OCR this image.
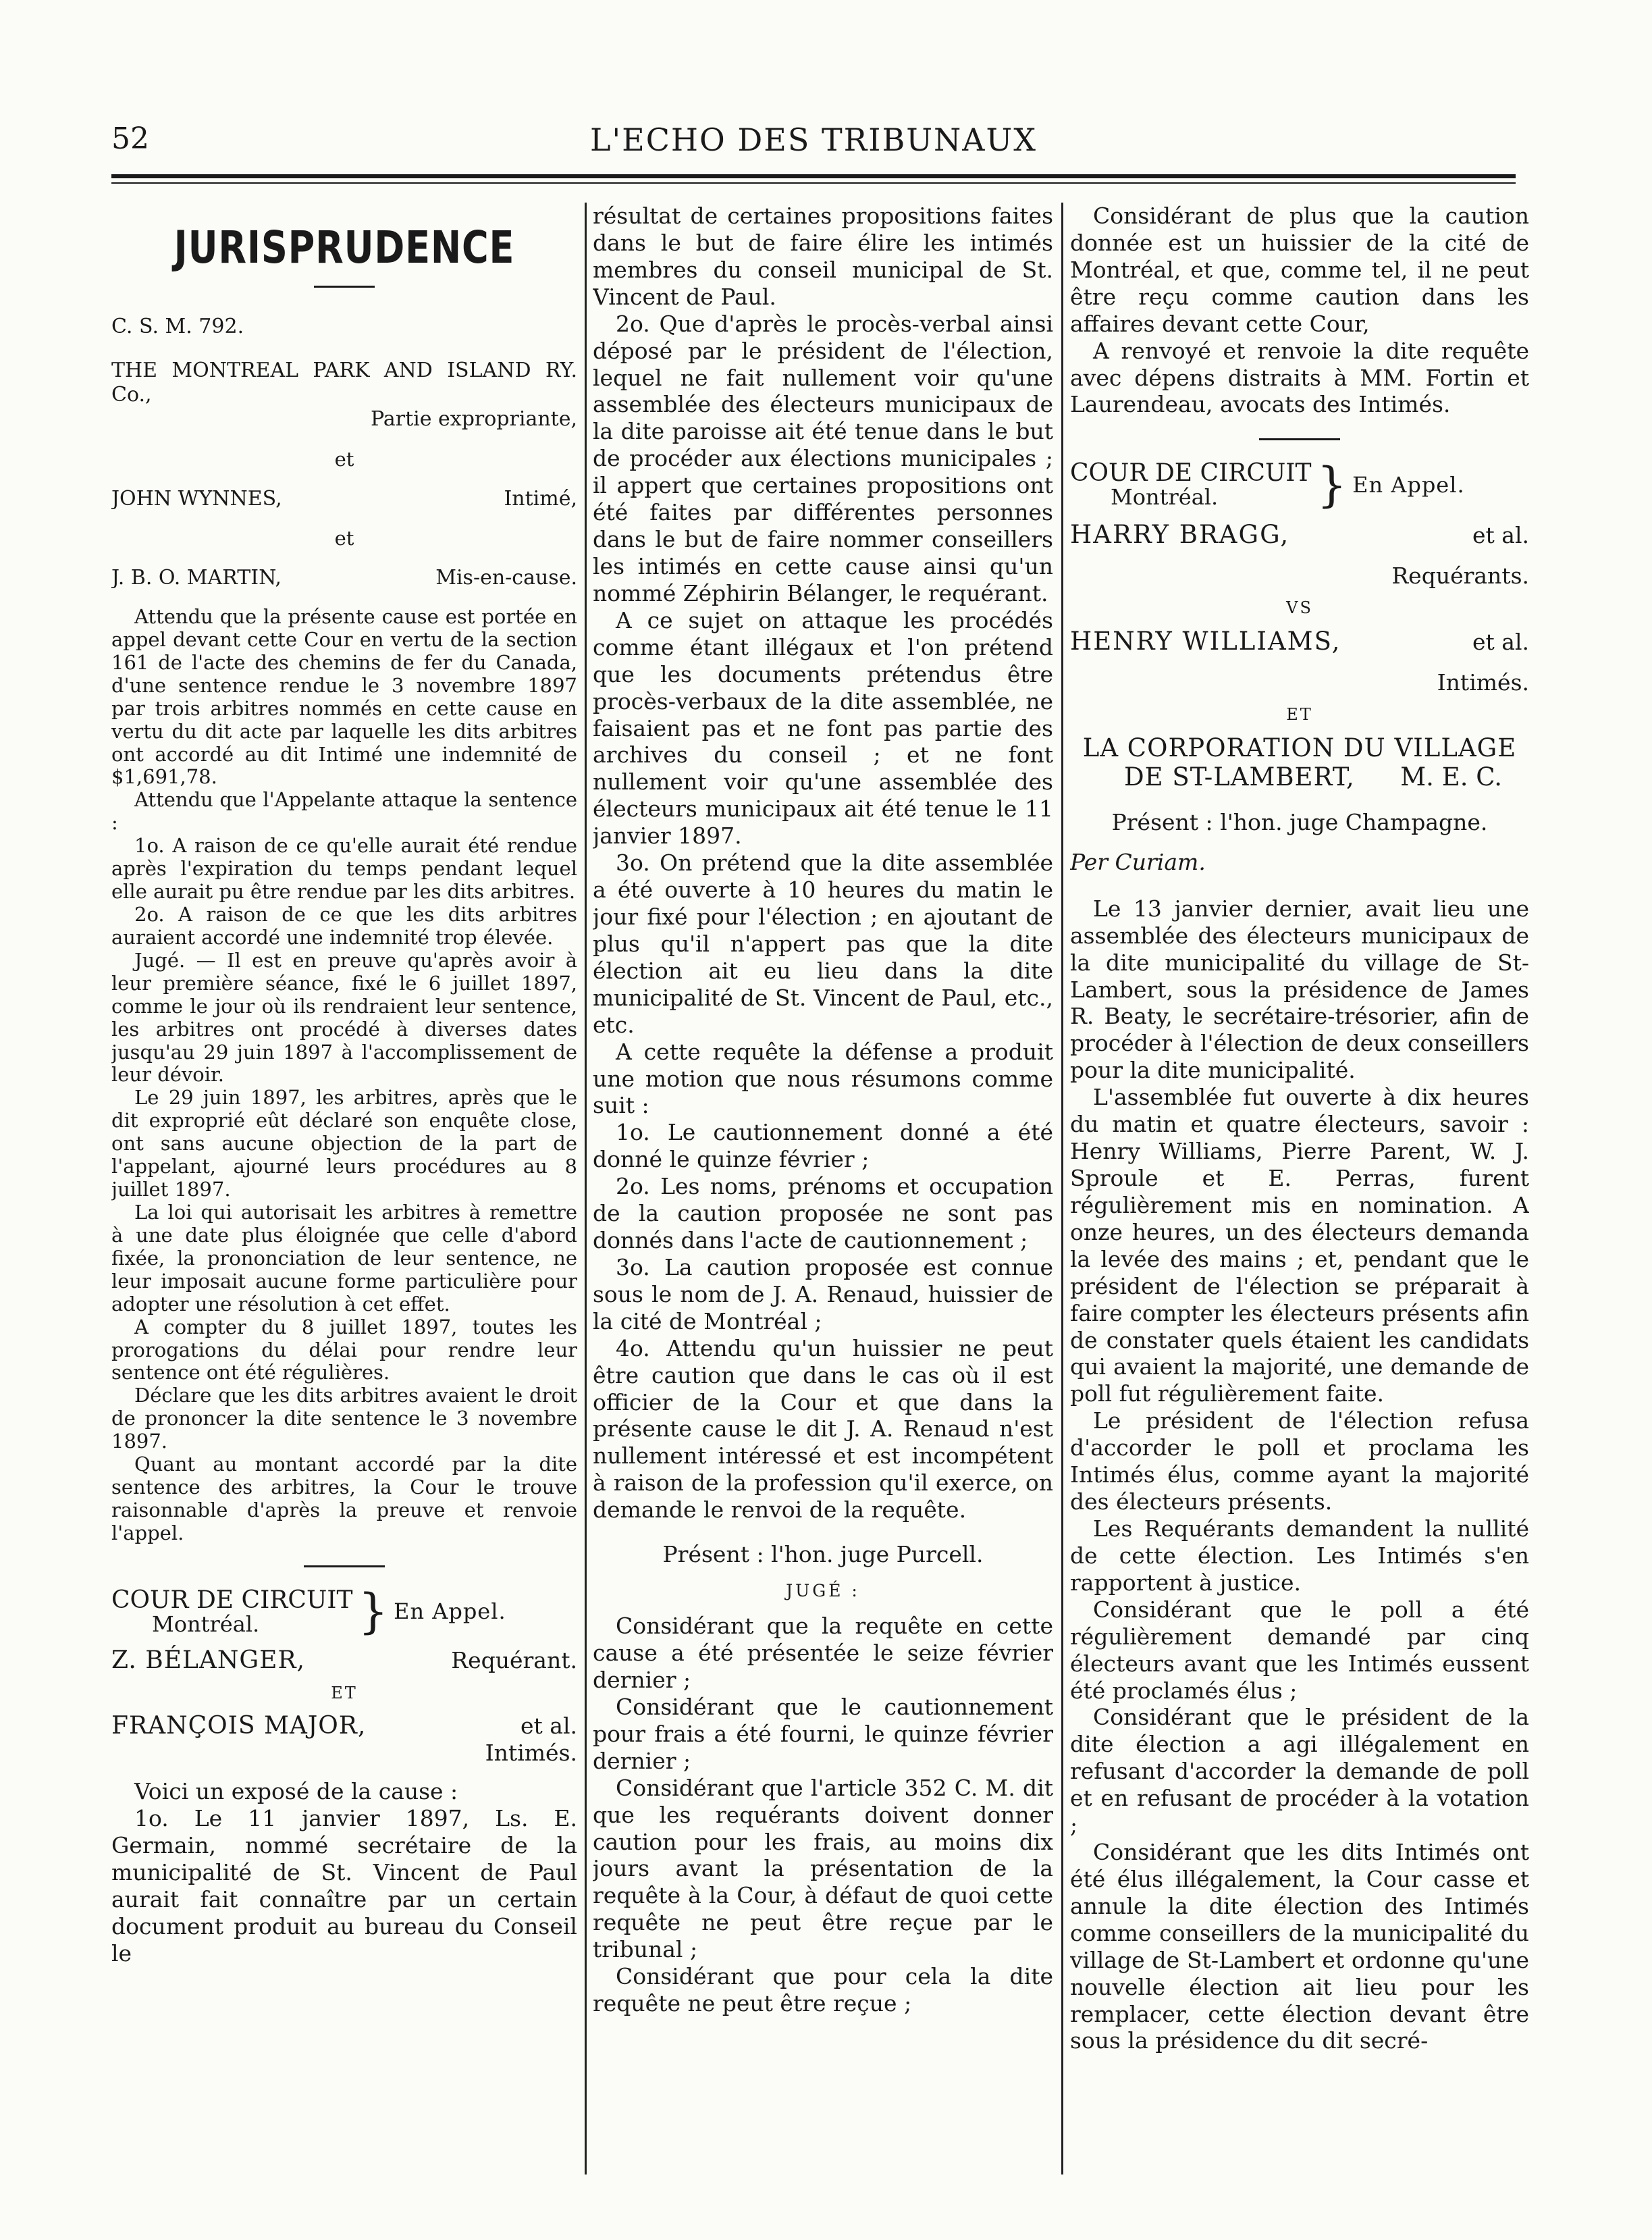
52	L'ECHO DES TRIBUNAUX
JURISPRUDENCE
C. S. M. 792.

THE MONTREAL PARK AND ISLAND RY. Co.,

Partie expropriante,

et
JOHN WYNNES,	Intimé,
et
J. B. O. MARTIN,	Mis-en-cause.

Attendu que la présente cause est portée en appel devant cette Cour en vertu de la section 161 de l'acte des chemins de fer du Canada, d'une sentence rendue le 3 novembre 1897 par trois arbitres nommés en cette cause en vertu du dit acte par laquelle les dits arbitres ont accordé au dit Intimé une indemnité de $1,691,78.

Attendu que l'Appelante attaque la sentence :

1o. A raison de ce qu'elle aurait été rendue après l'expiration du temps pendant lequel elle aurait pu être rendue par les dits arbitres.

2o. A raison de ce que les dits arbitres auraient accordé une indemnité trop élevée.

Jugé. — Il est en preuve qu'après avoir à leur première séance, fixé le 6 juillet 1897, comme le jour où ils rendraient leur sentence, les arbitres ont procédé à diverses dates jusqu'au 29 juin 1897 à l'accomplissement de leur dévoir.

Le 29 juin 1897, les arbitres, après que le dit exproprié eût déclaré son enquête close, ont sans aucune objection de la part de l'appelant, ajourné leurs procédures au 8 juillet 1897.

La loi qui autorisait les arbitres à remettre à une date plus éloignée que celle d'abord fixée, la prononciation de leur sentence, ne leur imposait aucune forme particulière pour adopter une résolution à cet effet.

A compter du 8 juillet 1897, toutes les prorogations du délai pour rendre leur sentence ont été régulières.

Déclare que les dits arbitres avaient le droit de prononcer la dite sentence le 3 novembre 1897.

Quant au montant accordé par la dite sentence des arbitres, la Cour le trouve raisonnable d'après la preuve et renvoie l'appel.

COUR DE CIRCUIT
Montréal.	} En Appel.
Z. BÉLANGER,	Requérant.
ET
FRANÇOIS MAJOR,	et al.
Intimés.

Voici un exposé de la cause :

1o. Le 11 janvier 1897, Ls. E. Germain, nommé secrétaire de la municipalité de St. Vincent de Paul aurait fait connaître par un certain document produit au bureau du Conseil le

résultat de certaines propositions faites dans le but de faire élire les intimés membres du conseil municipal de St. Vincent de Paul.

2o. Que d'après le procès-verbal ainsi déposé par le président de l'élection, lequel ne fait nullement voir qu'une assemblée des électeurs municipaux de la dite paroisse ait été tenue dans le but de procéder aux élections municipales ; il appert que certaines propositions ont été faites par différentes personnes dans le but de faire nommer conseillers les intimés en cette cause ainsi qu'un nommé Zéphirin Bélanger, le requérant.

A ce sujet on attaque les procédés comme étant illégaux et l'on prétend que les documents prétendus être procès-verbaux de la dite assemblée, ne faisaient pas et ne font pas partie des archives du conseil ; et ne font nullement voir qu'une assemblée des électeurs municipaux ait été tenue le 11 janvier 1897.

3o. On prétend que la dite assemblée a été ouverte à 10 heures du matin le jour fixé pour l'élection ; en ajoutant de plus qu'il n'appert pas que la dite élection ait eu lieu dans la dite municipalité de St. Vincent de Paul, etc., etc.

A cette requête la défense a produit une motion que nous résumons comme suit :

1o. Le cautionnement donné a été donné le quinze février ;

2o. Les noms, prénoms et occupation de la caution proposée ne sont pas donnés dans l'acte de cautionnement ;

3o. La caution proposée est connue sous le nom de J. A. Renaud, huissier de la cité de Montréal ;

4o. Attendu qu'un huissier ne peut être caution que dans le cas où il est officier de la Cour et que dans la présente cause le dit J. A. Renaud n'est nullement intéressé et est incompétent à raison de la profession qu'il exerce, on demande le renvoi de la requête.

Présent : l'hon. juge Purcell.
JUGÉ :

Considérant que la requête en cette cause a été présentée le seize février dernier ;

Considérant que le cautionnement pour frais a été fourni, le quinze février dernier ;

Considérant que l'article 352 C. M. dit que les requérants doivent donner caution pour les frais, au moins dix jours avant la présentation de la requête à la Cour, à défaut de quoi cette requête ne peut être reçue par le tribunal ;

Considérant que pour cela la dite requête ne peut être reçue ;

Considérant de plus que la caution donnée est un huissier de la cité de Montréal, et que, comme tel, il ne peut être reçu comme caution dans les affaires devant cette Cour,

A renvoyé et renvoie la dite requête avec dépens distraits à MM. Fortin et Laurendeau, avocats des Intimés.

COUR DE CIRCUIT
Montréal.	} En Appel.
HARRY BRAGG,	et al.
Requérants.
VS
HENRY WILLIAMS,	et al.
Intimés.
ET
LA CORPORATION DU VILLAGE
DE ST-LAMBERT, M. E. C.
Présent : l'hon. juge Champagne.
Per Curiam.

Le 13 janvier dernier, avait lieu une assemblée des électeurs municipaux de la dite municipalité du village de St-Lambert, sous la présidence de James R. Beaty, le secrétaire-trésorier, afin de procéder à l'élection de deux conseillers pour la dite municipalité.

L'assemblée fut ouverte à dix heures du matin et quatre électeurs, savoir : Henry Williams, Pierre Parent, W. J. Sproule et E. Perras, furent régulièrement mis en nomination. A onze heures, un des électeurs demanda la levée des mains ; et, pendant que le président de l'élection se préparait à faire compter les électeurs présents afin de constater quels étaient les candidats qui avaient la majorité, une demande de poll fut régulièrement faite.

Le président de l'élection refusa d'accorder le poll et proclama les Intimés élus, comme ayant la majorité des électeurs présents.

Les Requérants demandent la nullité de cette élection. Les Intimés s'en rapportent à justice.

Considérant que le poll a été régulièrement demandé par cinq électeurs avant que les Intimés eussent été proclamés élus ;

Considérant que le président de la dite élection a agi illégalement en refusant d'accorder la demande de poll et en refusant de procéder à la votation ;

Considérant que les dits Intimés ont été élus illégalement, la Cour casse et annule la dite élection des Intimés comme conseillers de la municipalité du village de St-Lambert et ordonne qu'une nouvelle élection ait lieu pour les remplacer, cette élection devant être sous la présidence du dit secré-
